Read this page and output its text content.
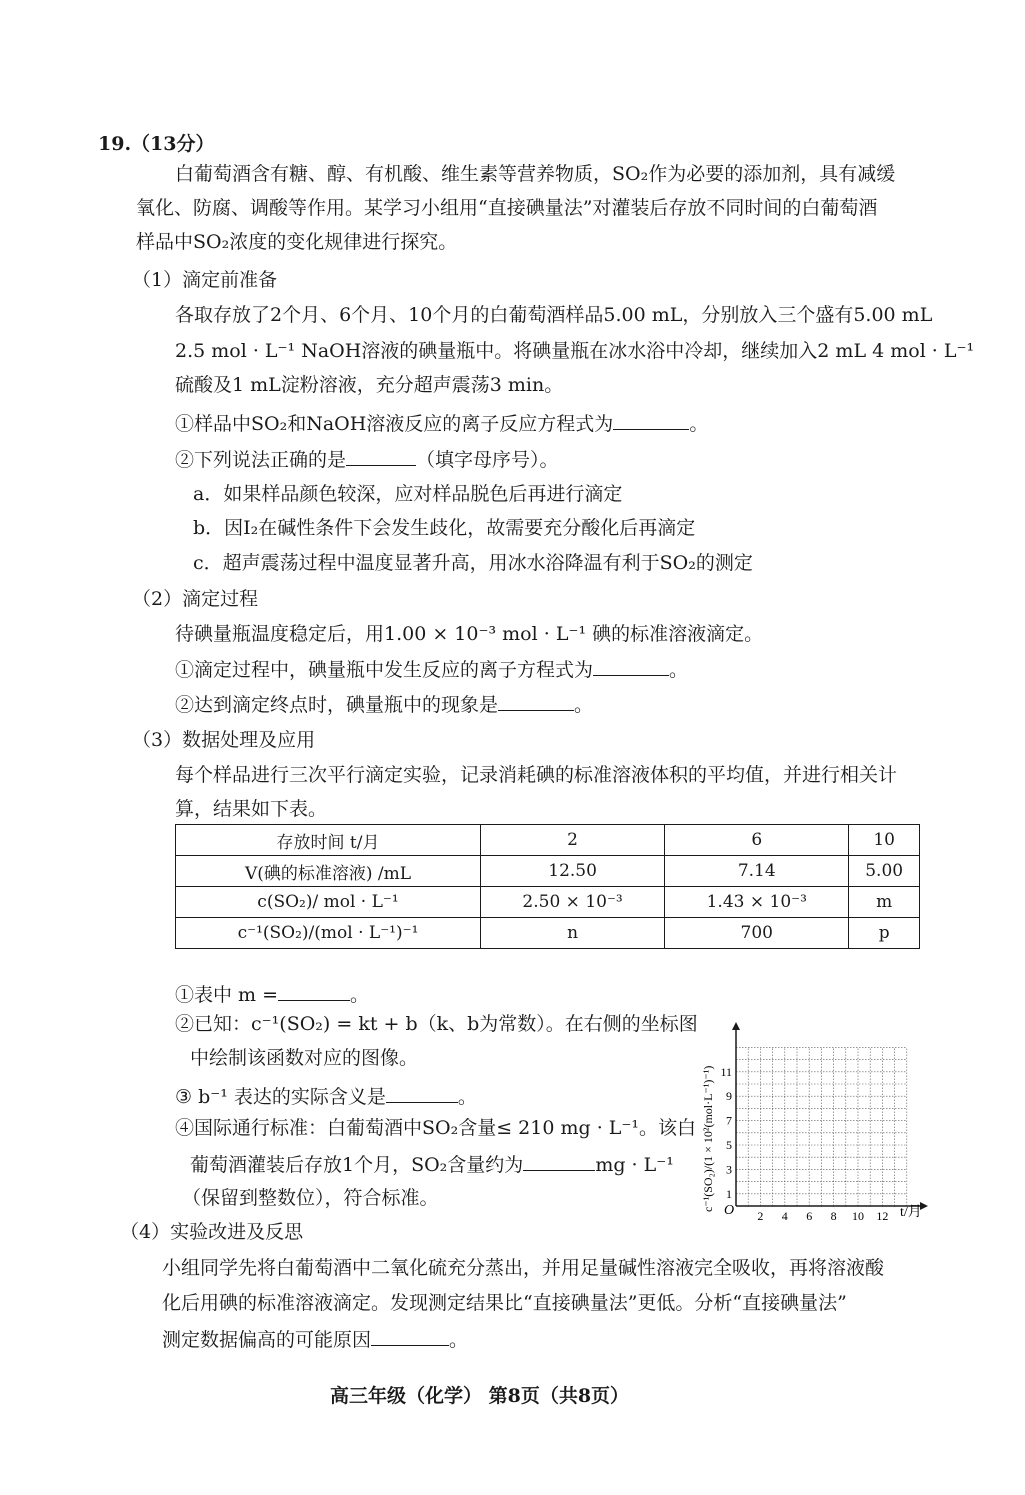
19.（13分）
白葡萄酒含有糖、醇、有机酸、维生素等营养物质，SO₂作为必要的添加剂，具有减缓
氧化、防腐、调酸等作用。某学习小组用“直接碘量法”对灌装后存放不同时间的白葡萄酒
样品中SO₂浓度的变化规律进行探究。
（1）滴定前准备
各取存放了2个月、6个月、10个月的白葡萄酒样品5.00 mL，分别放入三个盛有5.00 mL
2.5 mol · L⁻¹ NaOH溶液的碘量瓶中。将碘量瓶在冰水浴中冷却，继续加入2 mL 4 mol · L⁻¹
硫酸及1 mL淀粉溶液，充分超声震荡3 min。
①样品中SO₂和NaOH溶液反应的离子反应方程式为	。
②下列说法正确的是	（填字母序号）。
a．如果样品颜色较深，应对样品脱色后再进行滴定
b．因I₂在碱性条件下会发生歧化，故需要充分酸化后再滴定
c．超声震荡过程中温度显著升高，用冰水浴降温有利于SO₂的测定
（2）滴定过程
待碘量瓶温度稳定后，用1.00 × 10⁻³ mol · L⁻¹ 碘的标准溶液滴定。
①滴定过程中，碘量瓶中发生反应的离子方程式为	。
②达到滴定终点时，碘量瓶中的现象是	。
（3）数据处理及应用
每个样品进行三次平行滴定实验，记录消耗碘的标准溶液体积的平均值，并进行相关计
算，结果如下表。
存放时间 t/月	2	6	10
V(碘的标准溶液) /mL	12.50	7.14	5.00
c(SO₂)/ mol · L⁻¹	2.50 × 10⁻³	1.43 × 10⁻³	m
c⁻¹(SO₂)/(mol · L⁻¹)⁻¹	n	700	p
①表中 m =	。
②已知：c⁻¹(SO₂) = kt + b（k、b为常数）。在右侧的坐标图
中绘制该函数对应的图像。
③ b⁻¹ 表达的实际含义是	。
④国际通行标准：白葡萄酒中SO₂含量≤ 210 mg · L⁻¹。该白
葡萄酒灌装后存放1个月，SO₂含量约为	mg · L⁻¹
（保留到整数位），符合标准。
O	t/月
c⁻¹(SO₂)/(1 × 10²(mol·L⁻¹)⁻¹) 1
3
5
7
9
11
2 4 6 8 10 12
（4）实验改进及反思
小组同学先将白葡萄酒中二氧化硫充分蒸出，并用足量碱性溶液完全吸收，再将溶液酸
化后用碘的标准溶液滴定。发现测定结果比“直接碘量法”更低。分析“直接碘量法”
测定数据偏高的可能原因	。
高三年级（化学） 第8页（共8页）
